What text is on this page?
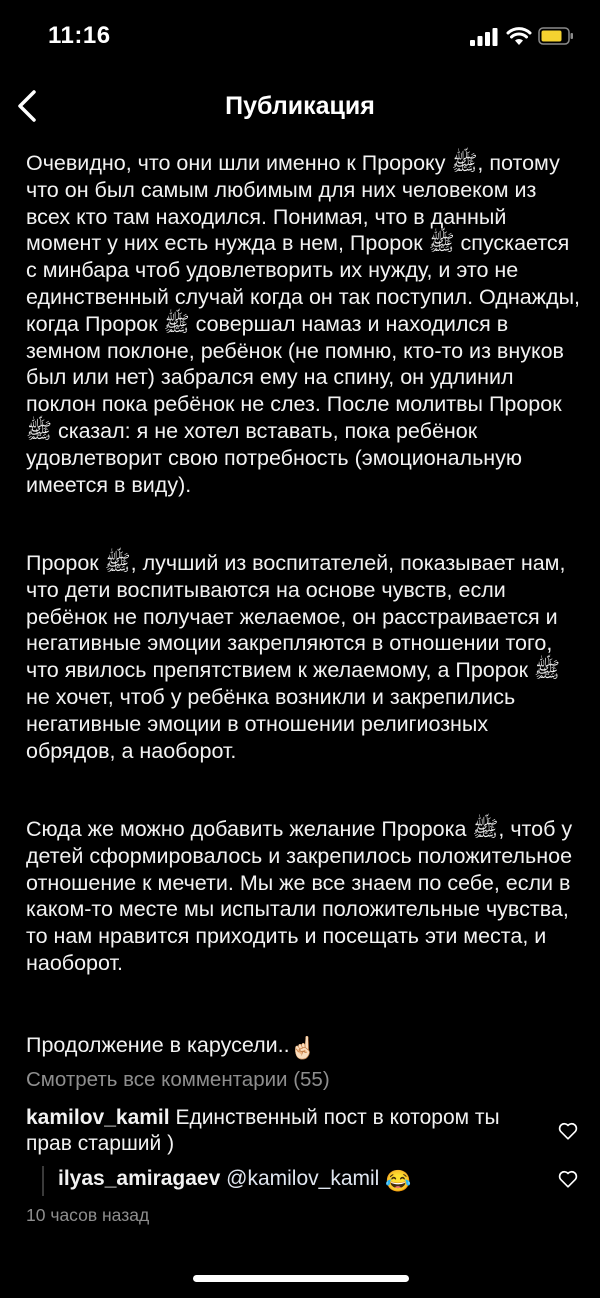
11:16
Публикация

Очевидно, что они шли именно к Пророку ﷺ, потому что он был самым любимым для них человеком из всех кто там находился. Понимая, что в данный момент у них есть нужда в нем, Пророк ﷺ спускается с минбара чтоб удовлетворить их нужду, и это не единственный случай когда он так поступил. Однажды, когда Пророк ﷺ совершал намаз и находился в земном поклоне, ребёнок (не помню, кто-то из внуков был или нет) забрался ему на спину, он удлинил поклон пока ребёнок не слез. После молитвы Пророк ﷺ сказал: я не хотел вставать, пока ребёнок удовлетворит свою потребность (эмоциональную имеется в виду).

Пророк ﷺ, лучший из воспитателей, показывает нам, что дети воспитываются на основе чувств, если ребёнок не получает желаемое, он расстраивается и негативные эмоции закрепляются в отношении того, что явилось препятствием к желаемому, а Пророк ﷺ не хочет, чтоб у ребёнка возникли и закрепились негативные эмоции в отношении религиозных обрядов, а наоборот.

Сюда же можно добавить желание Пророка ﷺ, чтоб у детей сформировалось и закрепилось положительное отношение к мечети. Мы же все знаем по себе, если в каком-то месте мы испытали положительные чувства, то нам нравится приходить и посещать эти места, и наоборот.

Продолжение в карусели..☝🏻

Смотреть все комментарии (55)
kamilov_kamil Единственный пост в котором ты прав старший )
ilyas_amiragaev @kamilov_kamil 😂
10 часов назад
